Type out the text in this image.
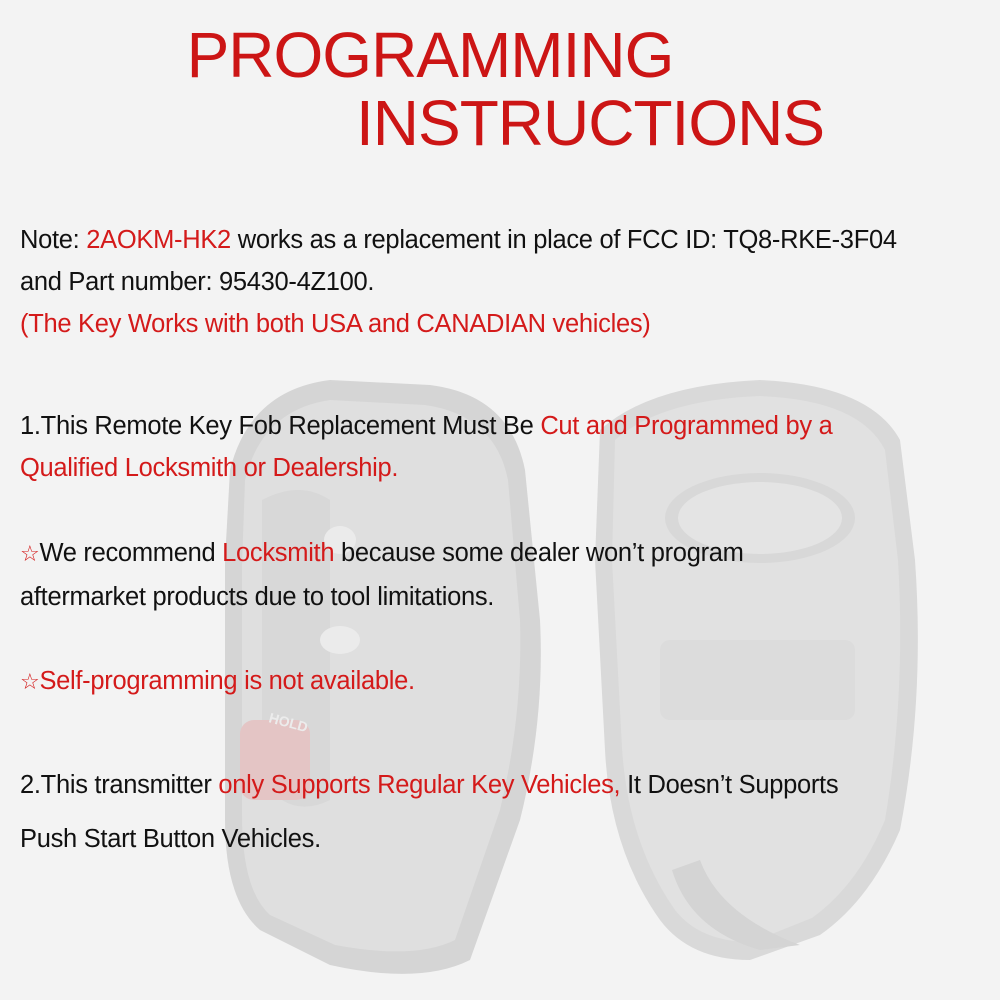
HOLD
PROGRAMMING
INSTRUCTIONS
Note: 2AOKM-HK2 works as a replacement in place of FCC ID: TQ8-RKE-3F04
and Part number: 95430-4Z100.
(The Key Works with both USA and CANADIAN vehicles)
1.This Remote Key Fob Replacement Must Be Cut and Programmed by a
Qualified Locksmith or Dealership.
☆We recommend Locksmith because some dealer won’t program
aftermarket products due to tool limitations.
☆Self-programming is not available.
2.This transmitter only Supports Regular Key Vehicles, It Doesn’t Supports
Push Start Button Vehicles.
